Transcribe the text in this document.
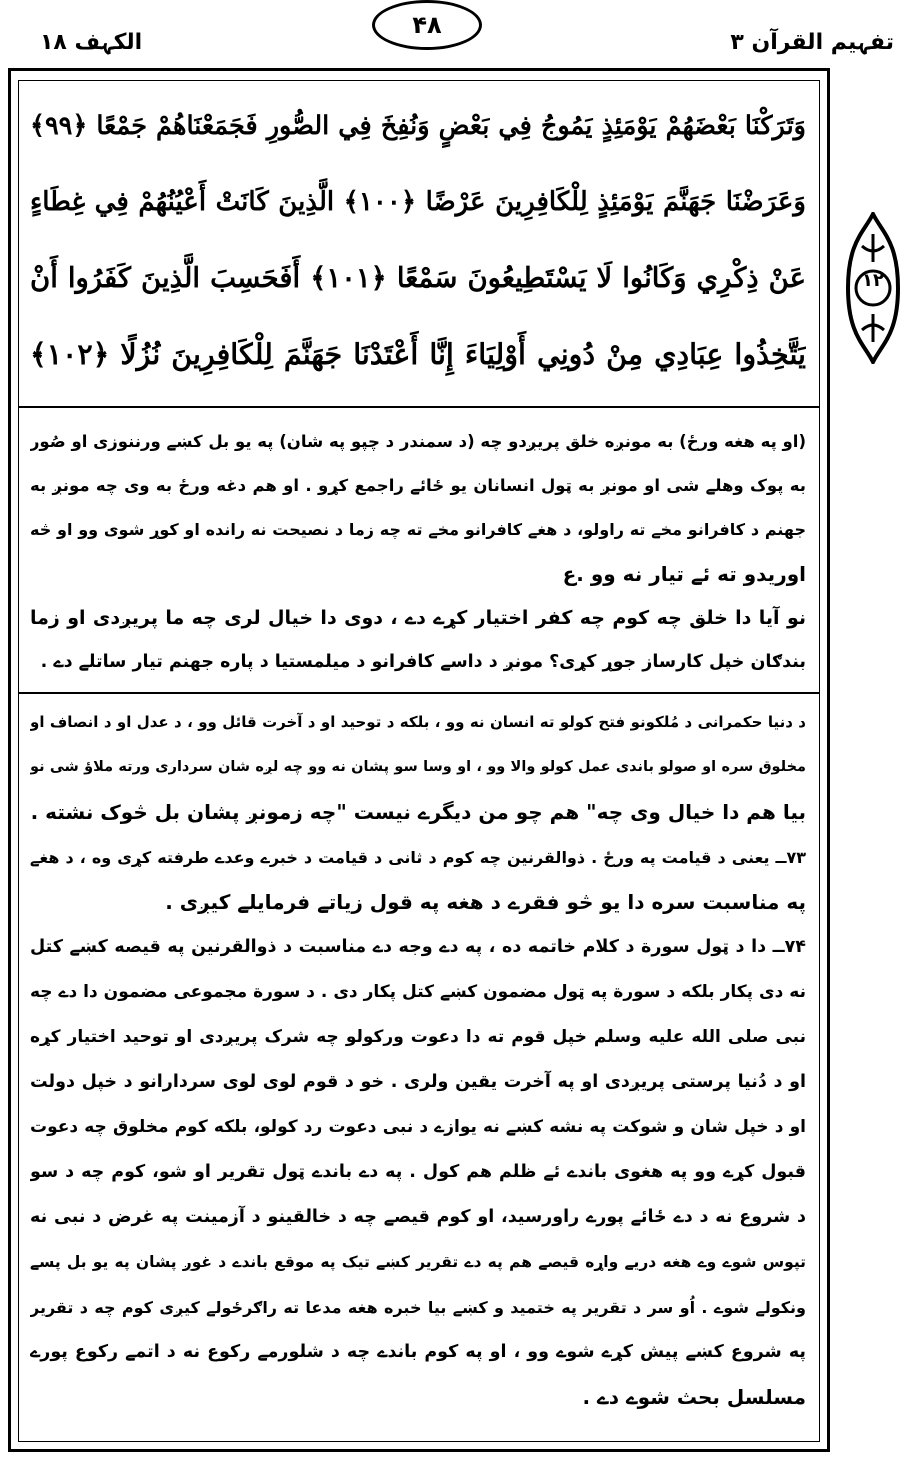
الکہف ۱۸
۴۸
تفہیم القرآن ۳
۱۲
وَتَرَكْنَا بَعْضَهُمْ يَوْمَئِذٍ يَمُوجُ فِي بَعْضٍ وَنُفِخَ فِي الصُّورِ فَجَمَعْنَاهُمْ جَمْعًا ﴿٩٩﴾
وَعَرَضْنَا جَهَنَّمَ يَوْمَئِذٍ لِلْكَافِرِينَ عَرْضًا ﴿١٠٠﴾ الَّذِينَ كَانَتْ أَعْيُنُهُمْ فِي غِطَاءٍ
عَنْ ذِكْرِي وَكَانُوا لَا يَسْتَطِيعُونَ سَمْعًا ﴿١٠١﴾ أَفَحَسِبَ الَّذِينَ كَفَرُوا أَنْ
يَتَّخِذُوا عِبَادِي مِنْ دُونِي أَوْلِيَاءَ إِنَّا أَعْتَدْنَا جَهَنَّمَ لِلْكَافِرِينَ نُزُلًا ﴿١٠٢﴾
(او په هغه ورځ) به مونږه خلق پریږدو چه (د سمندر د چپو په شان) په یو بل کښے ورننوزی او صُور
به پوک وهلے شی او مونږ به ټول انسانان یو ځائے راجمع کړو . او هم دغه ورځ به وی چه مونږ به
جهنم د کافرانو مخے ته راولو، د هغے کافرانو مخے ته چه زما د نصیحت نه رانده او کوړ شوی وو او څه
اوریدو ته ئے تیار نه وو .ع
نو آیا دا خلق چه کوم چه کفر اختیار کړے دے ، دوی دا خیال لری چه ما پریږدی او زما
بندګان خپل کارساز جوړ کړی؟ مونږ د داسے کافرانو د میلمستیا د پاره جهنم تیار ساتلے دے .
د دنیا حکمرانی د مُلکونو فتح کولو ته انسان نه وو ، بلکه د توحید او د آخرت قائل وو ، د عدل او د انصاف او
مخلوق سره او صولو باندی عمل کولو والا وو ، او وسا سو پشان نه وو چه لږه شان سرداری ورته ملاؤ شی نو
بیا هم دا خیال وی چه" هم چو من دیگرے نیست "چه زمونږ پشان بل څوک نشته .
۷۳ــ یعنی د قیامت په ورځ . ذوالقرنین چه کوم د ثانی د قیامت د خبرے وعدے طرفته کړی وه ، د هغے
په مناسبت سره دا یو څو فقرے د هغه په قول زیاتے فرمایلے کیږی .
۷۴ــ دا د ټول سورة د کلام خاتمه ده ، په دے وجه دے مناسبت د ذوالقرنین په قیصه کښے کتل
نه دی پکار بلکه د سورة په ټول مضمون کښے کتل پکار دی . د سورة مجموعی مضمون دا دے چه
نبی صلی الله علیه وسلم خپل قوم ته دا دعوت ورکولو چه شرک پریږدی او توحید اختیار کړه
او د دُنیا پرستی پریږدی او په آخرت یقین ولری . خو د قوم لوی لوی سردارانو د خپل دولت
او د خپل شان و شوکت په نشه کښے نه یوازے د نبی دعوت رد کولو، بلکه کوم مخلوق چه دعوت
قبول کړے وو په هغوی باندے ئے ظلم هم کول . په دے باندے ټول تقریر او شو، کوم چه د سو
د شروع نه د دے ځائے پورے راورسید، او کوم قیصے چه د خالقینو د آزمینت په غرض د نبی نه
تپوس شوے وے هغه دریے واړه قیصے هم په دے تقریر کښے تیک په موقع باندے د غوږ پشان په یو بل پسے
ونکولے شوے . اُو سر د تقریر په ختمید و کښے بیا خبره هغه مدعا ته راګرځولے کیږی کوم چه د تقریر
په شروع کښے پیش کړے شوے وو ، او په کوم باندے چه د شلورمے رکوع نه د اتمے رکوع پورے
مسلسل بحث شوے دے .
